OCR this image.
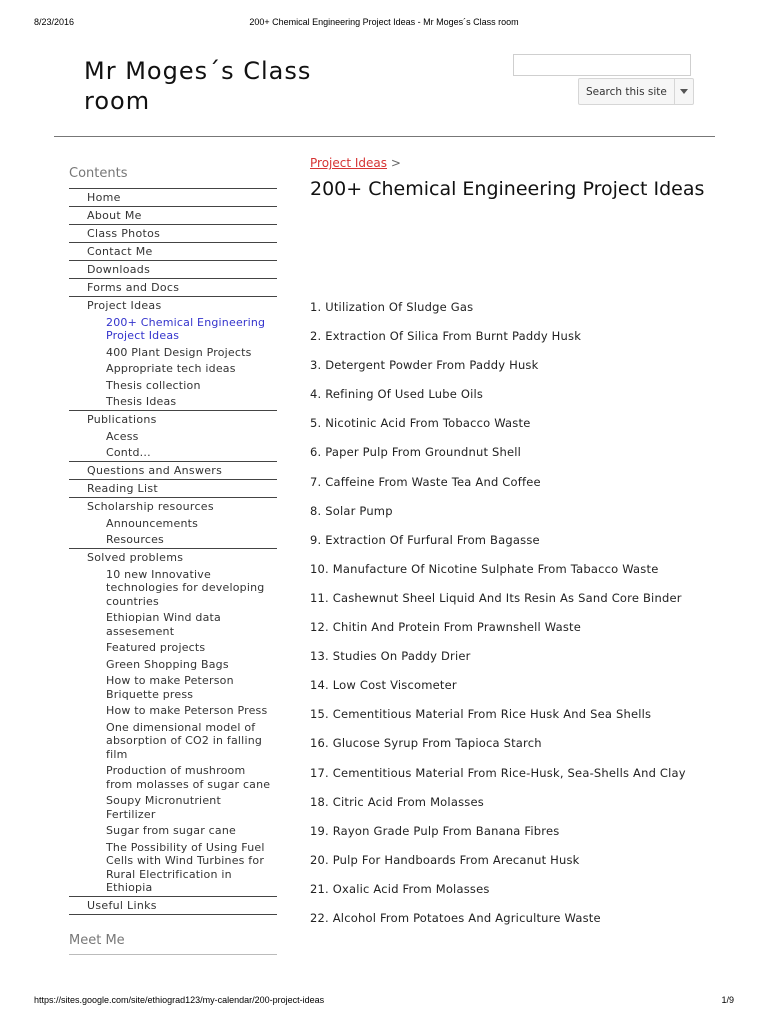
8/23/2016	200+ Chemical Engineering Project Ideas - Mr Moges´s Class room
Mr Moges´s Class room	Search this site
Contents
Home
About Me
Class Photos
Contact Me
Downloads
Forms and Docs
Project Ideas
200+ Chemical Engineering Project Ideas
400 Plant Design Projects
Appropriate tech ideas
Thesis collection
Thesis Ideas
Publications
Acess
Contd...
Questions and Answers
Reading List
Scholarship resources
Announcements
Resources
Solved problems
10 new Innovative technologies for developing countries
Ethiopian Wind data assesement
Featured projects
Green Shopping Bags
How to make Peterson Briquette press
How to make Peterson Press
One dimensional model of absorption of CO2 in falling film
Production of mushroom from molasses of sugar cane
Soupy Micronutrient Fertilizer
Sugar from sugar cane
The Possibility of Using Fuel Cells with Wind Turbines for Rural Electrification in Ethiopia
Useful Links
Meet Me
Project Ideas >
200+ Chemical Engineering Project Ideas
1. Utilization Of Sludge Gas
2. Extraction Of Silica From Burnt Paddy Husk
3. Detergent Powder From Paddy Husk
4. Refining Of Used Lube Oils
5. Nicotinic Acid From Tobacco Waste
6. Paper Pulp From Groundnut Shell
7. Caffeine From Waste Tea And Coffee
8. Solar Pump
9. Extraction Of Furfural From Bagasse
10. Manufacture Of Nicotine Sulphate From Tabacco Waste
11. Cashewnut Sheel Liquid And Its Resin As Sand Core Binder
12. Chitin And Protein From Prawnshell Waste
13. Studies On Paddy Drier
14. Low Cost Viscometer
15. Cementitious Material From Rice Husk And Sea Shells
16. Glucose Syrup From Tapioca Starch
17. Cementitious Material From Rice-Husk, Sea-Shells And Clay
18. Citric Acid From Molasses
19. Rayon Grade Pulp From Banana Fibres
20. Pulp For Handboards From Arecanut Husk
21. Oxalic Acid From Molasses
22. Alcohol From Potatoes And Agriculture Waste
https://sites.google.com/site/ethiograd123/my-calendar/200-project-ideas	1/9
